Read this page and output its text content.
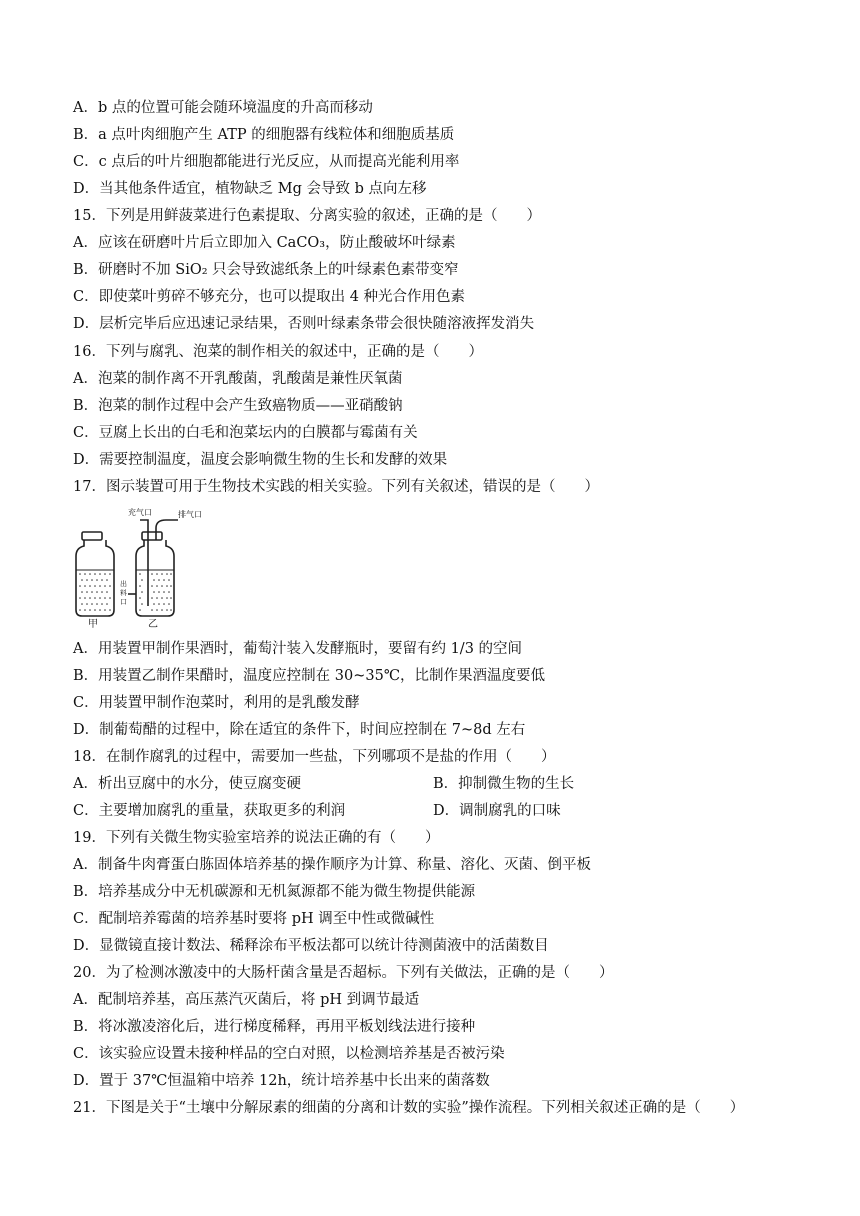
A．b 点的位置可能会随环境温度的升高而移动
B．a 点叶肉细胞产生 ATP 的细胞器有线粒体和细胞质基质
C．c 点后的叶片细胞都能进行光反应，从而提高光能利用率
D．当其他条件适宜，植物缺乏 Mg 会导致 b 点向左移
15．下列是用鲜菠菜进行色素提取、分离实验的叙述，正确的是（　　）
A．应该在研磨叶片后立即加入 CaCO₃，防止酸破坏叶绿素
B．研磨时不加 SiO₂ 只会导致滤纸条上的叶绿素色素带变窄
C．即使菜叶剪碎不够充分，也可以提取出 4 种光合作用色素
D．层析完毕后应迅速记录结果，否则叶绿素条带会很快随溶液挥发消失
16．下列与腐乳、泡菜的制作相关的叙述中，正确的是（　　）
A．泡菜的制作离不开乳酸菌，乳酸菌是兼性厌氧菌
B．泡菜的制作过程中会产生致癌物质——亚硝酸钠
C．豆腐上长出的白毛和泡菜坛内的白膜都与霉菌有关
D．需要控制温度，温度会影响微生物的生长和发酵的效果
17．图示装置可用于生物技术实践的相关实验。下列有关叙述，错误的是（　　）
充气口	排气口
出
料
口
甲	乙
A．用装置甲制作果酒时，葡萄汁装入发酵瓶时，要留有约 1/3 的空间
B．用装置乙制作果醋时，温度应控制在 30~35℃，比制作果酒温度要低
C．用装置甲制作泡菜时，利用的是乳酸发酵
D．制葡萄醋的过程中，除在适宜的条件下，时间应控制在 7~8d 左右
18．在制作腐乳的过程中，需要加一些盐，下列哪项不是盐的作用（　　）
A．析出豆腐中的水分，使豆腐变硬	B．抑制微生物的生长
C．主要增加腐乳的重量，获取更多的利润	D．调制腐乳的口味
19．下列有关微生物实验室培养的说法正确的有（　　）
A．制备牛肉膏蛋白胨固体培养基的操作顺序为计算、称量、溶化、灭菌、倒平板
B．培养基成分中无机碳源和无机氮源都不能为微生物提供能源
C．配制培养霉菌的培养基时要将 pH 调至中性或微碱性
D．显微镜直接计数法、稀释涂布平板法都可以统计待测菌液中的活菌数目
20．为了检测冰激凌中的大肠杆菌含量是否超标。下列有关做法，正确的是（　　）
A．配制培养基，高压蒸汽灭菌后，将 pH 到调节最适
B．将冰激凌溶化后，进行梯度稀释，再用平板划线法进行接种
C．该实验应设置未接种样品的空白对照，以检测培养基是否被污染
D．置于 37℃恒温箱中培养 12h，统计培养基中长出来的菌落数
21．下图是关于“土壤中分解尿素的细菌的分离和计数的实验”操作流程。下列相关叙述正确的是（　　）
